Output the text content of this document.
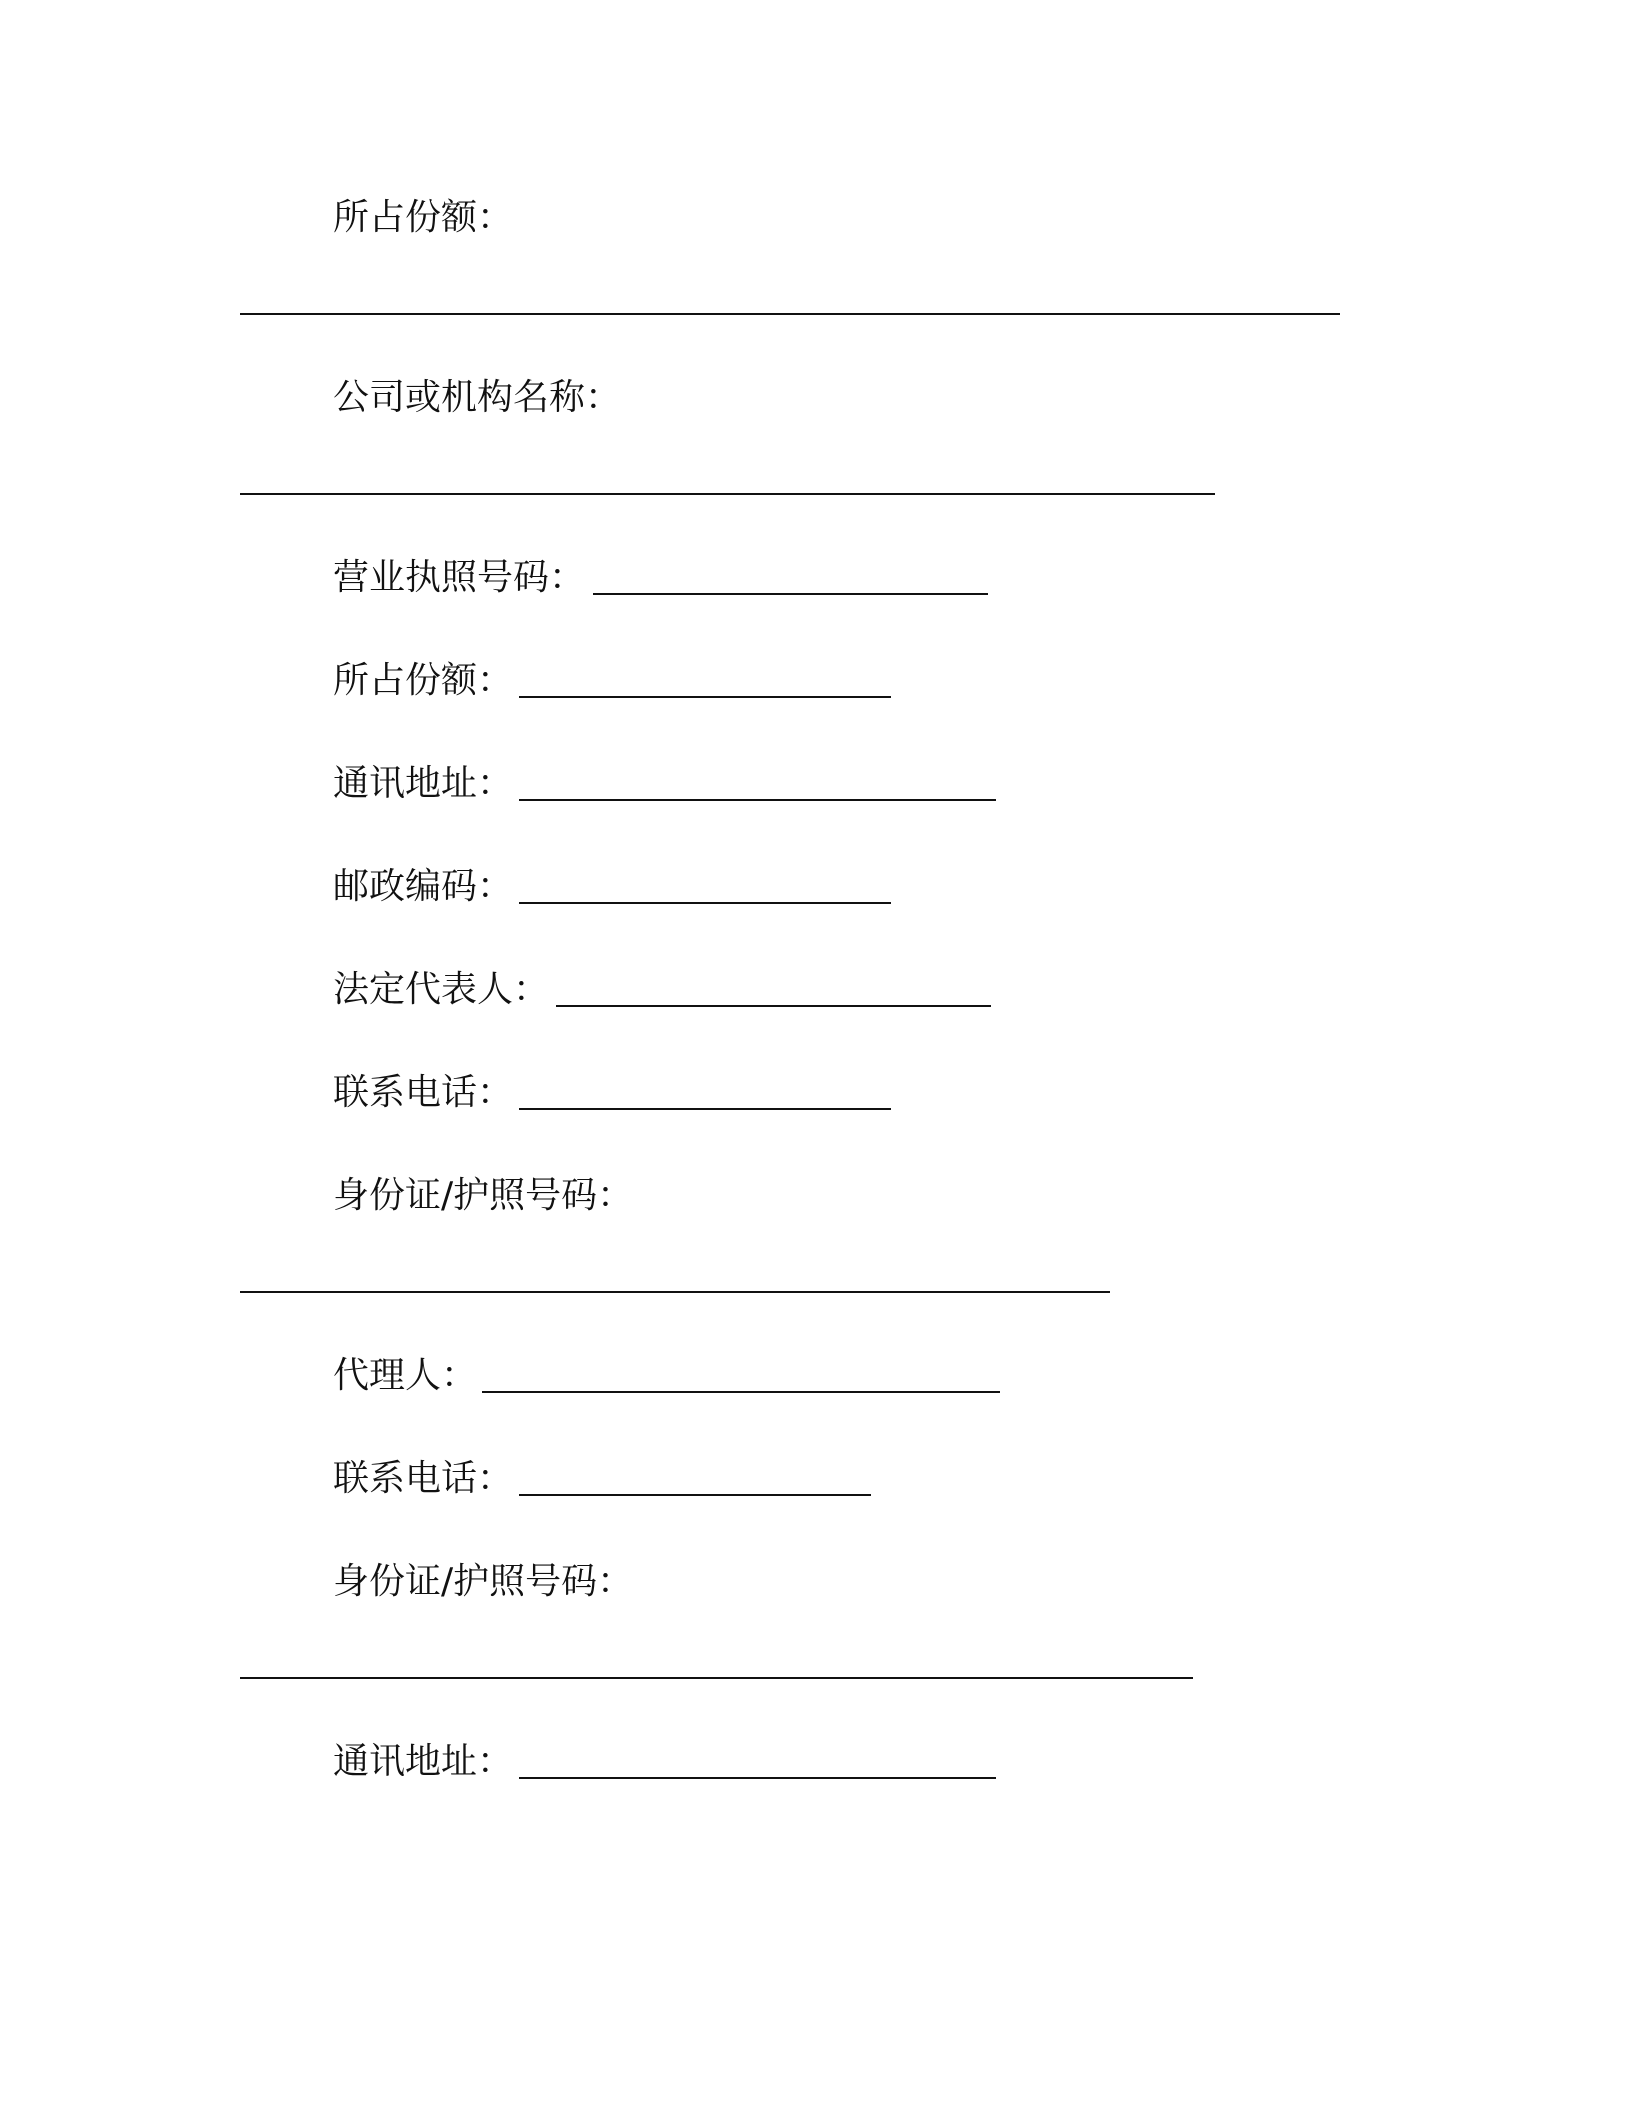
所占份额：
公司或机构名称：
营业执照号码：
所占份额：
通讯地址：
邮政编码：
法定代表人：
联系电话：
身份证/护照号码：
代理人：
联系电话：
身份证/护照号码：
通讯地址：
